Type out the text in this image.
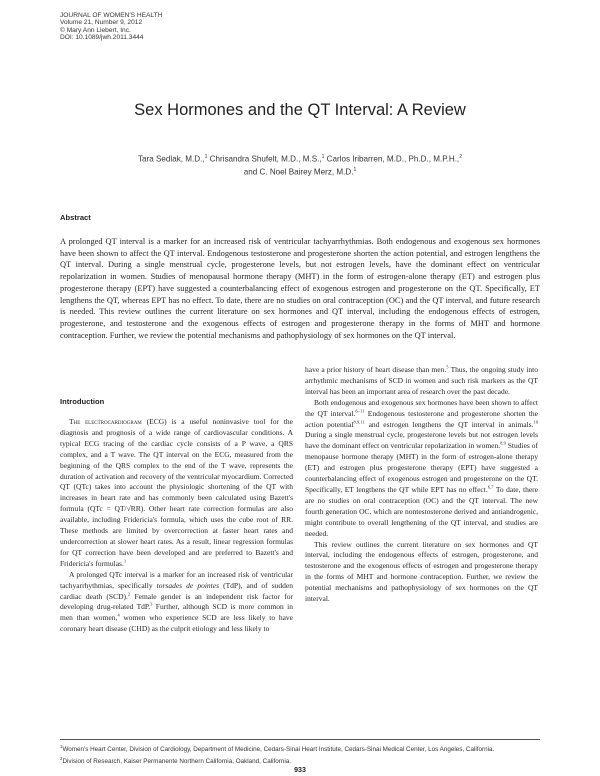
JOURNAL OF WOMEN'S HEALTH
Volume 21, Number 9, 2012
© Mary Ann Liebert, Inc.
DOI: 10.1089/jwh.2011.3444
Sex Hormones and the QT Interval: A Review
Tara Sedlak, M.D.,$^1$ Chrisandra Shufelt, M.D., M.S.,$^1$ Carlos Iribarren, M.D., Ph.D., M.P.H.,$^2$
and C. Noel Bairey Merz, M.D.$^1$
Abstract
A prolonged QT interval is a marker for an increased risk of ventricular tachyarrhythmias. Both endogenous and exogenous sex hormones have been shown to affect the QT interval. Endogenous testosterone and progesterone shorten the action potential, and estrogen lengthens the QT interval. During a single menstrual cycle, progesterone levels, but not estrogen levels, have the dominant effect on ventricular repolarization in women. Studies of menopausal hormone therapy (MHT) in the form of estrogen-alone therapy (ET) and estrogen plus progesterone therapy (EPT) have suggested a counterbalancing effect of exogenous estrogen and progesterone on the QT. Specifically, ET lengthens the QT, whereas EPT has no effect. To date, there are no studies on oral contraception (OC) and the QT interval, and future research is needed. This review outlines the current literature on sex hormones and QT interval, including the endogenous effects of estrogen, progesterone, and testosterone and the exogenous effects of estrogen and progesterone therapy in the forms of MHT and hormone contraception. Further, we review the potential mechanisms and pathophysiology of sex hormones on the QT interval.
Introduction

The electrocardiogram (ECG) is a useful noninvasive tool for the diagnosis and prognosis of a wide range of cardiovascular conditions. A typical ECG tracing of the cardiac cycle consists of a P wave, a QRS complex, and a T wave. The QT interval on the ECG, measured from the beginning of the QRS complex to the end of the T wave, represents the duration of activation and recovery of the ventricular myocardium. Corrected QT (QTc) takes into account the physiologic shortening of the QT with increases in heart rate and has commonly been calculated using Bazett's formula (QTc = QT/√RR). Other heart rate correction formulas are also available, including Fridericia's formula, which uses the cube root of RR. These methods are limited by overcorrection at faster heart rates and undercorrection at slower heart rates. As a result, linear regression formulas for QT correction have been developed and are preferred to Bazett's and Fridericia's formulas.$^1$

A prolonged QTc interval is a marker for an increased risk of ventricular tachyarrhythmias, specifically torsades de pointes (TdP), and of sudden cardiac death (SCD).$^2$ Female gender is an independent risk factor for developing drug-related TdP.$^3$ Further, although SCD is more common in men than women,$^4$ women who experience SCD are less likely to have coronary heart disease (CHD) as the culprit etiology and less likely to

have a prior history of heart disease than men.$^5$ Thus, the ongoing study into arrhythmic mechanisms of SCD in women and such risk markers as the QT interval has been an important area of research over the past decade.

Both endogenous and exogenous sex hormones have been shown to affect the QT interval.$^{6-11}$ Endogenous testosterone and progesterone shorten the action potential$^{8,9,11}$ and estrogen lengthens the QT interval in animals.$^{10}$ During a single menstrual cycle, progesterone levels but not estrogen levels have the dominant effect on ventricular repolarization in women.$^{8,9}$ Studies of menopause hormone therapy (MHT) in the form of estrogen-alone therapy (ET) and estrogen plus progesterone therapy (EPT) have suggested a counterbalancing effect of exogenous estrogen and progesterone on the QT. Specifically, ET lengthens the QT while EPT has no effect.$^{6,7}$ To date, there are no studies on oral contraception (OC) and the QT interval. The new fourth generation OC, which are nontestosterone derived and antiandrogenic, might contribute to overall lengthening of the QT interval, and studies are needed.

This review outlines the current literature on sex hormones and QT interval, including the endogenous effects of estrogen, progesterone, and testosterone and the exogenous effects of estrogen and progesterone therapy in the forms of MHT and hormone contraception. Further, we review the potential mechanisms and pathophysiology of sex hormones on the QT interval.

$^1$Women's Heart Center, Division of Cardiology, Department of Medicine, Cedars-Sinai Heart Institute, Cedars-Sinai Medical Center, Los Angeles, California.
$^2$Division of Research, Kaiser Permanente Northern California, Oakland, California.
933
